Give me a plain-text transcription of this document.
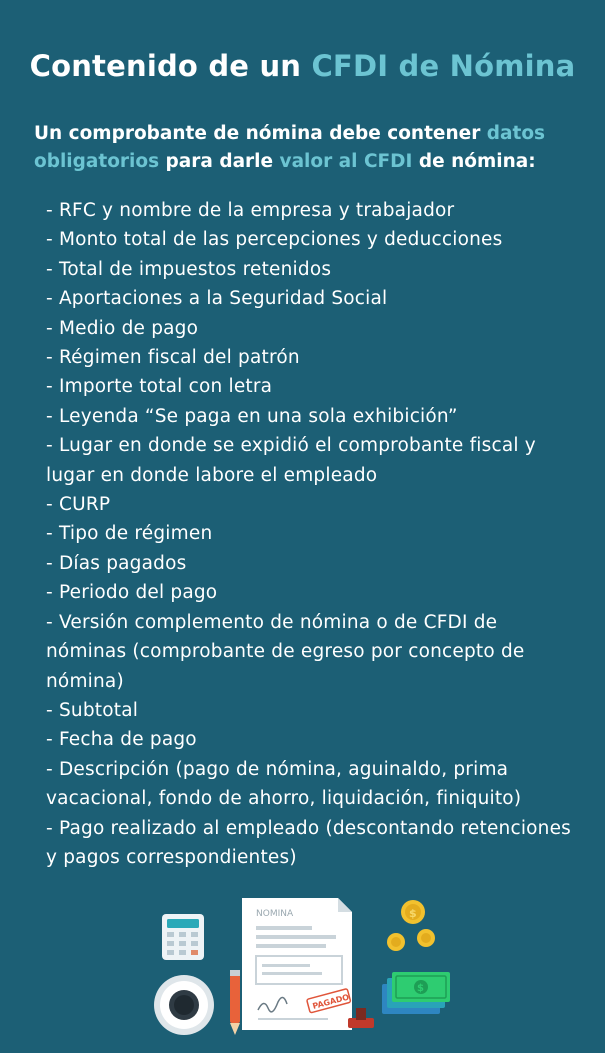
Contenido de un CFDI de Nómina
Un comprobante de nómina debe contener datos obligatorios para darle valor al CFDI de nómina:
- RFC y nombre de la empresa y trabajador
- Monto total de las percepciones y deducciones
- Total de impuestos retenidos
- Aportaciones a la Seguridad Social
- Medio de pago
- Régimen fiscal del patrón
- Importe total con letra
- Leyenda “Se paga en una sola exhibición”
- Lugar en donde se expidió el comprobante fiscal y lugar en donde labore el empleado
- CURP
- Tipo de régimen
- Días pagados
- Periodo del pago
- Versión complemento de nómina o de CFDI de nóminas (comprobante de egreso por concepto de nómina)
- Subtotal
- Fecha de pago
- Descripción (pago de nómina, aguinaldo, prima vacacional, fondo de ahorro, liquidación, finiquito)
- Pago realizado al empleado (descontando retenciones y pagos correspondientes)
NOMINA
PAGADO
$
$
